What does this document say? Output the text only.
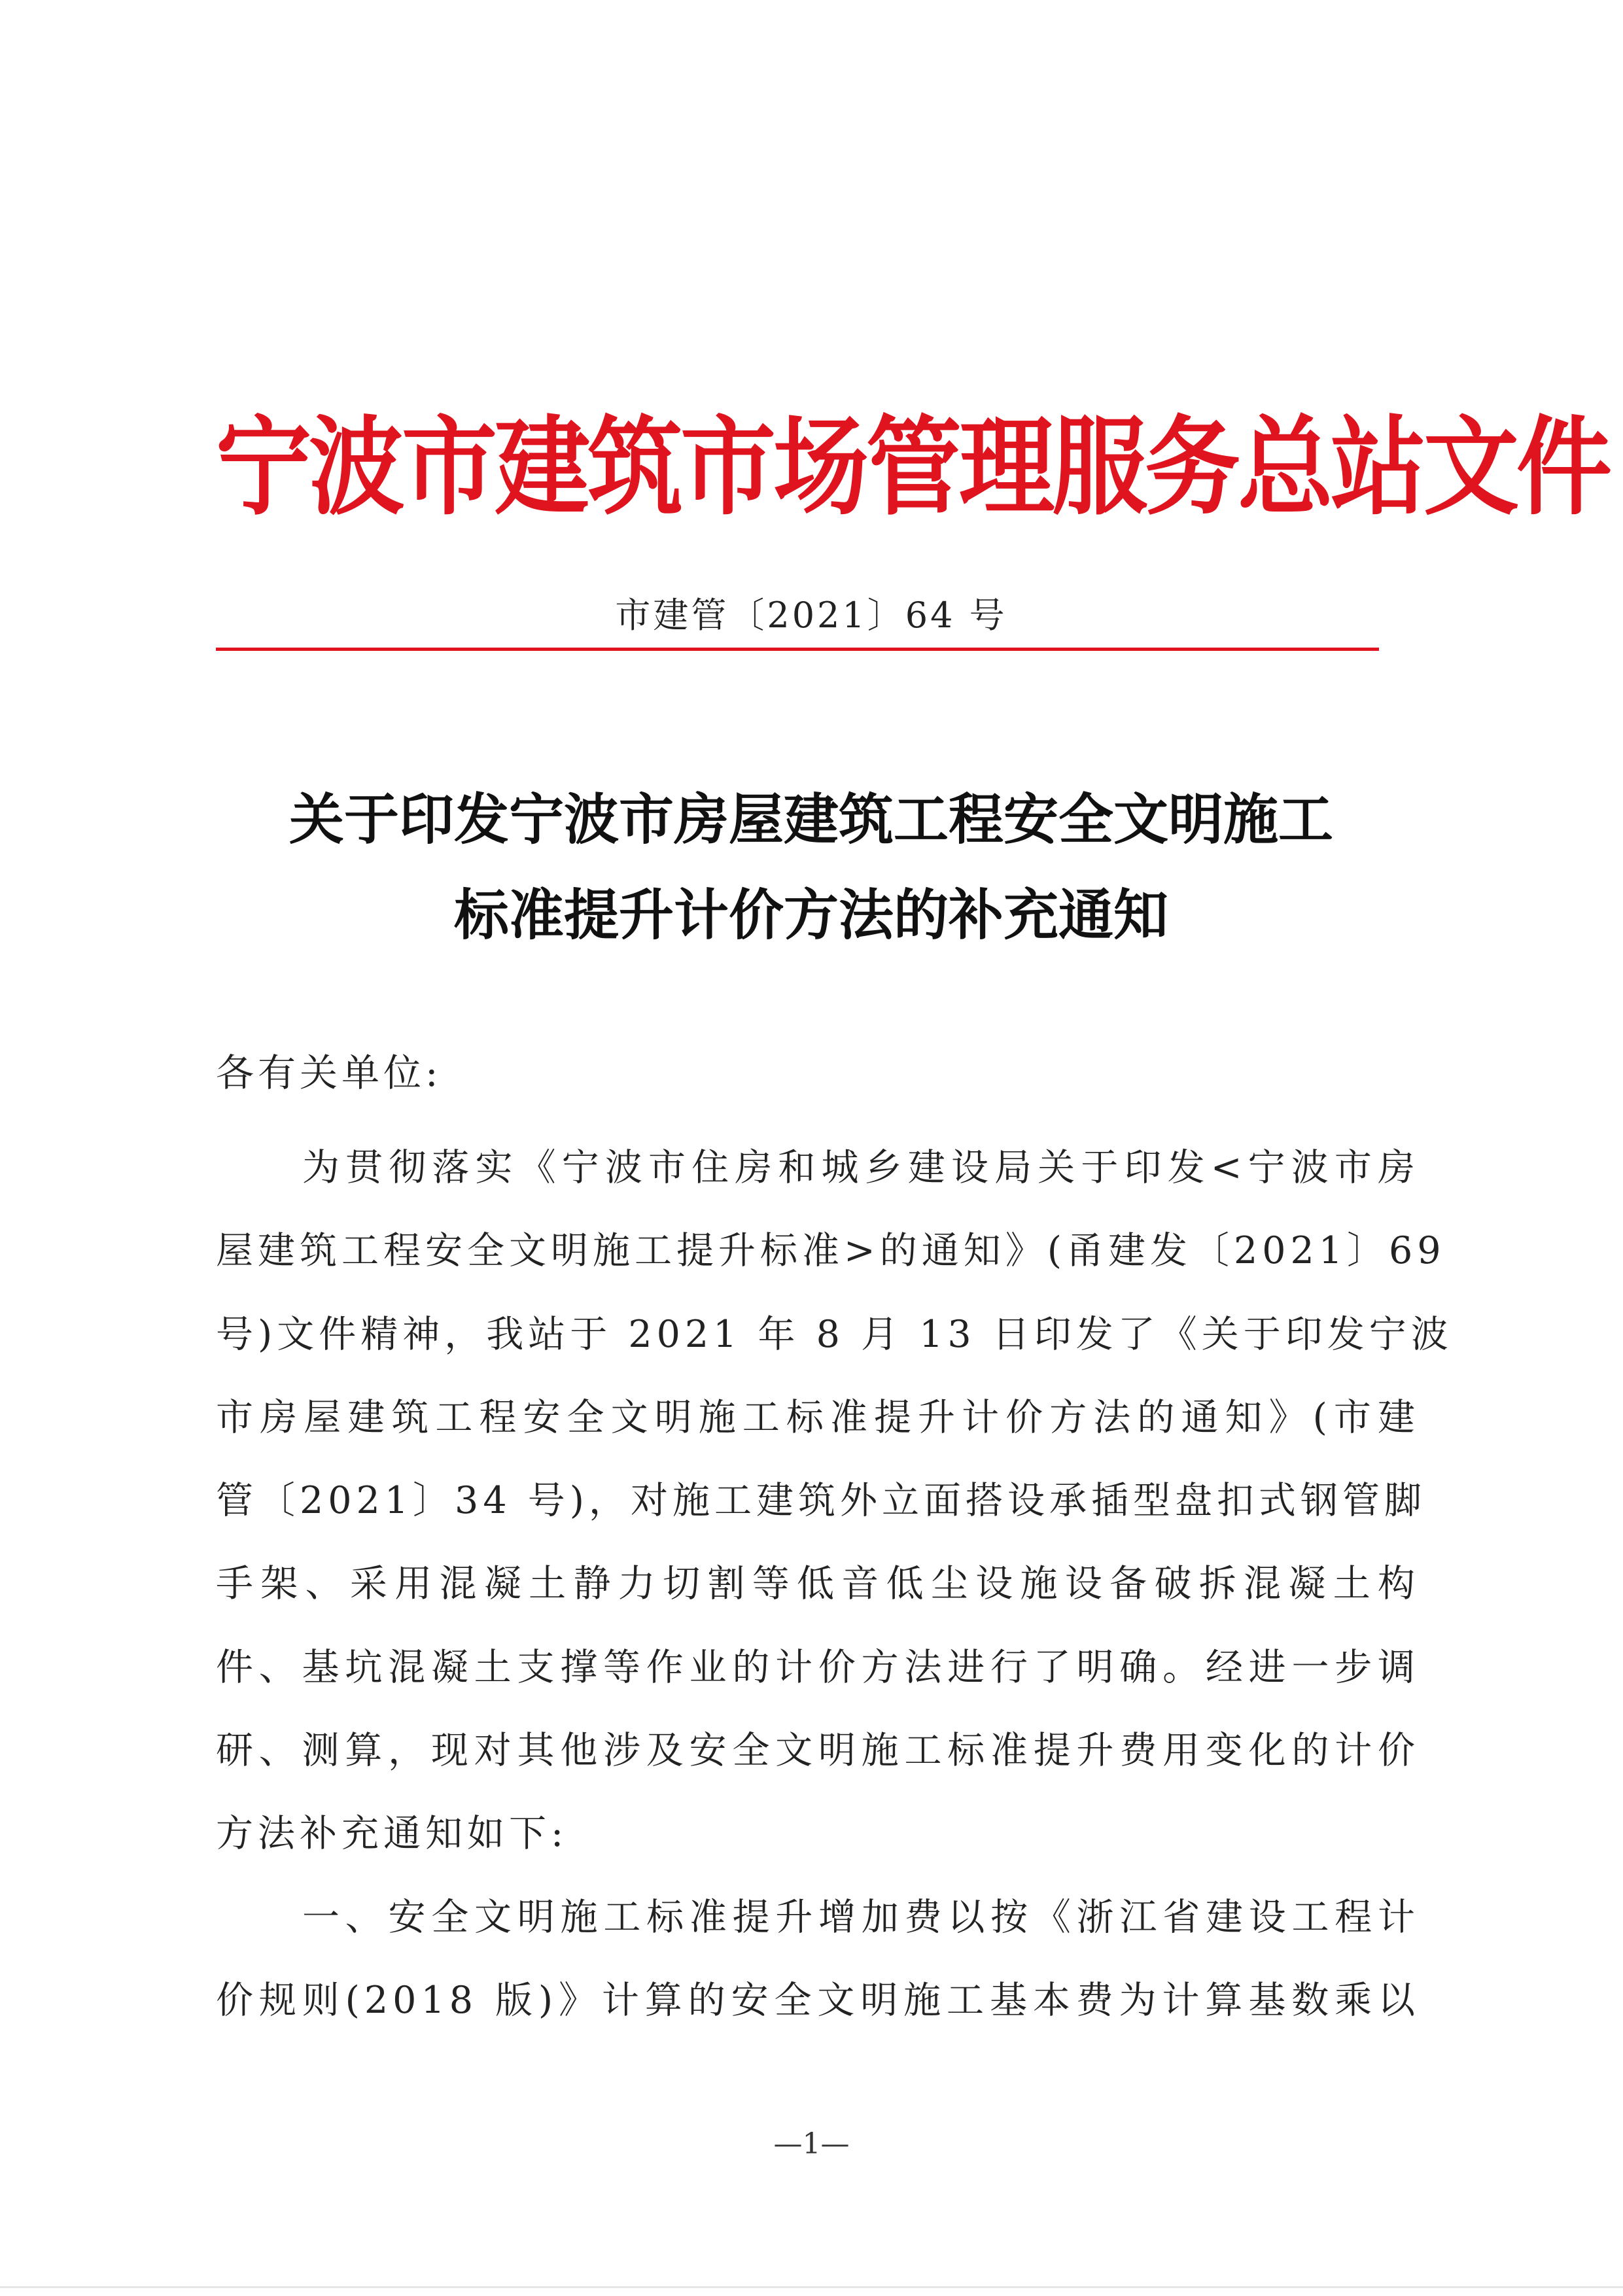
宁波市建筑市场管理服务总站文件
市建管〔2021〕64 号
关于印发宁波市房屋建筑工程安全文明施工
标准提升计价方法的补充通知
各有关单位:
为贯彻落实《宁波市住房和城乡建设局关于印发<宁波市房
屋建筑工程安全文明施工提升标准>的通知》(甬建发〔2021〕69
号)文件精神，我站于 2021 年 8 月 13 日印发了《关于印发宁波
市房屋建筑工程安全文明施工标准提升计价方法的通知》(市建
管〔2021〕34 号)，对施工建筑外立面搭设承插型盘扣式钢管脚
手架、采用混凝土静力切割等低音低尘设施设备破拆混凝土构
件、基坑混凝土支撑等作业的计价方法进行了明确。经进一步调
研、测算，现对其他涉及安全文明施工标准提升费用变化的计价
方法补充通知如下:
一、安全文明施工标准提升增加费以按《浙江省建设工程计
价规则(2018 版)》计算的安全文明施工基本费为计算基数乘以
—1—
